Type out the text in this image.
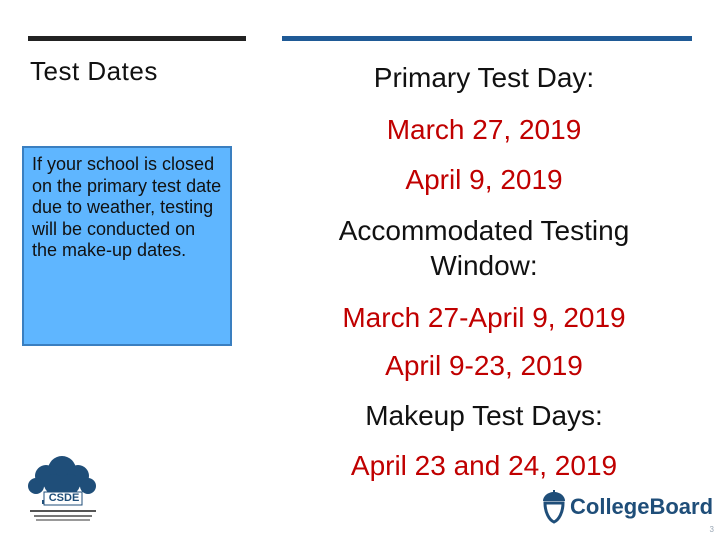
Test Dates
If your school is closed on the primary test date due to weather, testing will be conducted on the make-up dates.
Primary Test Day:
March 27, 2019
April 9, 2019
Accommodated Testing
Window:
March 27-April 9, 2019
April 9-23, 2019
Makeup Test Days:
April 23 and 24, 2019
CSDE	CollegeBoard
3
